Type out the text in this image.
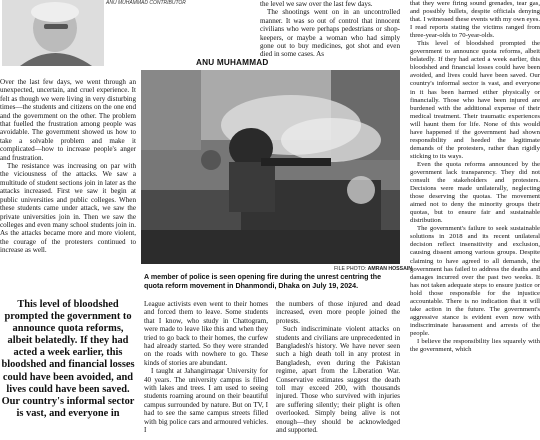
ANU MUHAMMAD CONTRIBUTOR	the level we saw over the last few days.

The shootings went on in an uncontrolled manner. It was so out of control that innocent civilians who were perhaps pedestrians or shop-keepers, or maybe a woman who had simply gone out to buy medicines, got shot and even died in some cases. As

ANU MUHAMMAD

Over the last few days, we went through an unexpected, uncertain, and cruel experience. It felt as though we were living in very disturbing times—the students and citizens on the one end and the government on the other. The problem that fuelled the frustration among people was avoidable. The government showed us how to take a solvable problem and make it complicated—how to increase people's anger and frustration.

The resistance was increasing on par with the viciousness of the attacks. We saw a multitude of student sections join in later as the attacks increased. First we saw it begin at public universities and public colleges. When these students came under attack, we saw the private universities join in. Then we saw the colleges and even many school students join in. As the attacks became more and more violent, the courage of the protesters continued to increase as well.

This level of bloodshed prompted the government to announce quota reforms, albeit belatedly. If they had acted a week earlier, this bloodshed and financial losses could have been avoided, and lives could have been saved. Our country's informal sector is vast, and everyone in
FILE PHOTO: AMRAN HOSSAIN
A member of police is seen opening fire during the unrest centring the quota reform movement in Dhanmondi, Dhaka on July 19, 2024.

League activists even went to their homes and forced them to leave. Some students that I know, who study in Chattogram, were made to leave like this and when they tried to go back to their homes, the curfew had already started. So they were stranded on the roads with nowhere to go. These kinds of stories are abundant.

I taught at Jahangirnagar University for 40 years. The university campus is filled with lakes and trees. I am used to seeing students roaming around on their beautiful campus surrounded by nature. But on TV, I had to see the same campus streets filled with big police cars and armoured vehicles. I

the numbers of those injured and dead increased, even more people joined the protests.

Such indiscriminate violent attacks on students and civilians are unprecedented in Bangladesh's history. We have never seen such a high death toll in any protest in Bangladesh, even during the Pakistan regime, apart from the Liberation War. Conservative estimates suggest the death toll may exceed 200, with thousands injured. Those who survived with injuries are suffering silently; their plight is often overlooked. Simply being alive is not enough—they should be acknowledged and supported.

that they were firing sound grenades, tear gas, and possibly bullets, despite officials denying that. I witnessed these events with my own eyes. I read reports stating the victims ranged from three-year-olds to 70-year-olds.

This level of bloodshed prompted the government to announce quota reforms, albeit belatedly. If they had acted a week earlier, this bloodshed and financial losses could have been avoided, and lives could have been saved. Our country's informal sector is vast, and everyone in it has been harmed either physically or financially. Those who have been injured are burdened with the additional expense of their medical treatment. Their traumatic experiences will haunt them for life. None of this would have happened if the government had shown responsibility and heeded the legitimate demands of the protesters, rather than rigidly sticking to its ways.

Even the quota reforms announced by the government lack transparency. They did not consult the stakeholders and protesters. Decisions were made unilaterally, neglecting those deserving the quotas. The movement aimed not to deny the minority groups their quotas, but to ensure fair and sustainable distribution.

The government's failure to seek sustainable solutions in 2018 and its recent unilateral decision reflect insensitivity and exclusion, causing dissent among various groups. Despite claiming to have agreed to all demands, the government has failed to address the deaths and damages incurred over the past two weeks. It has not taken adequate steps to ensure justice or hold those responsible for the injustice accountable. There is no indication that it will take action in the future. The government's aggressive stance is evident even now with indiscriminate harassment and arrests of the people.

I believe the responsibility lies squarely with the government, which
